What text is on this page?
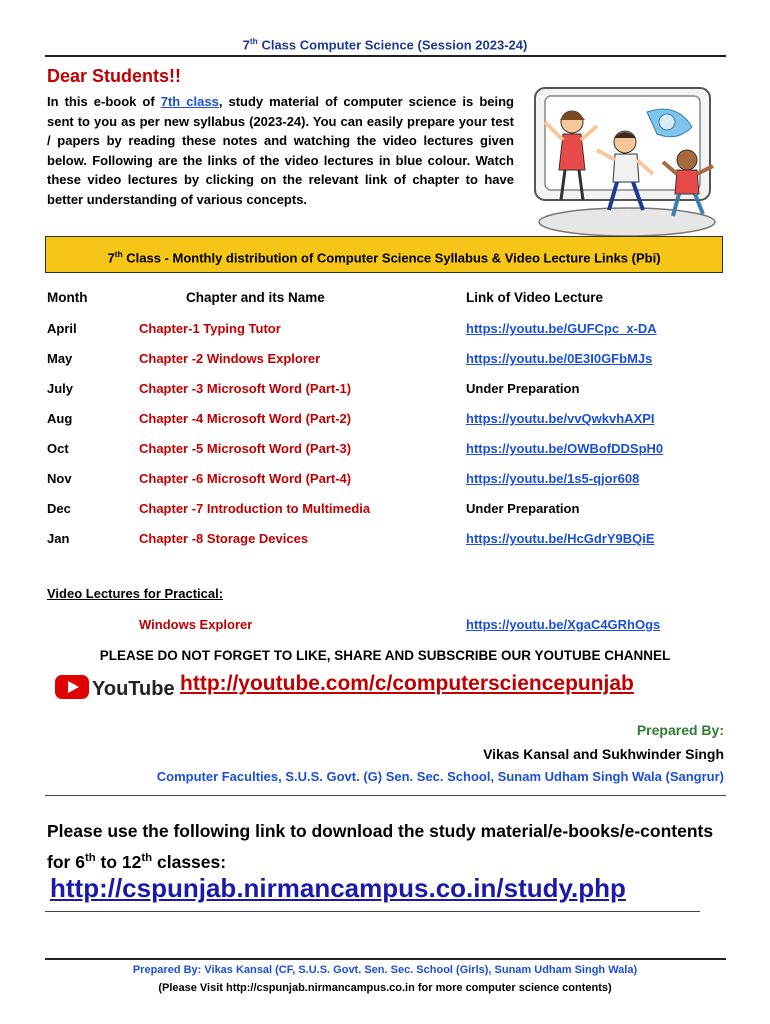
7th Class Computer Science (Session 2023-24)
Dear Students!!
In this e-book of 7th class, study material of computer science is being sent to you as per new syllabus (2023-24). You can easily prepare your test / papers by reading these notes and watching the video lectures given below. Following are the links of the video lectures in blue colour. Watch these video lectures by clicking on the relevant link of chapter to have better understanding of various concepts.
7th Class - Monthly distribution of Computer Science Syllabus & Video Lecture Links (Pbi)
Month	Chapter and its Name	Link of Video Lecture
April	Chapter-1 Typing Tutor	https://youtu.be/GUFCpc_x-DA
May	Chapter -2 Windows Explorer	https://youtu.be/0E3I0GFbMJs
July	Chapter -3 Microsoft Word (Part-1)	Under Preparation
Aug	Chapter -4 Microsoft Word (Part-2)	https://youtu.be/vvQwkvhAXPI
Oct	Chapter -5 Microsoft Word (Part-3)	https://youtu.be/OWBofDDSpH0
Nov	Chapter -6 Microsoft Word (Part-4)	https://youtu.be/1s5-qjor608
Dec	Chapter -7 Introduction to Multimedia	Under Preparation
Jan	Chapter -8 Storage Devices	https://youtu.be/HcGdrY9BQiE
Video Lectures for Practical:
Windows Explorer	https://youtu.be/XgaC4GRhOgs
PLEASE DO NOT FORGET TO LIKE, SHARE AND SUBSCRIBE OUR YOUTUBE CHANNEL
YouTube http://youtube.com/c/computersciencepunjab
Prepared By:
Vikas Kansal and Sukhwinder Singh
Computer Faculties, S.U.S. Govt. (G) Sen. Sec. School, Sunam Udham Singh Wala (Sangrur)
Please use the following link to download the study material/e-books/e-contents for 6th to 12th classes:
http://cspunjab.nirmancampus.co.in/study.php
Prepared By: Vikas Kansal (CF, S.U.S. Govt. Sen. Sec. School (Girls), Sunam Udham Singh Wala)
(Please Visit http://cspunjab.nirmancampus.co.in for more computer science contents)
